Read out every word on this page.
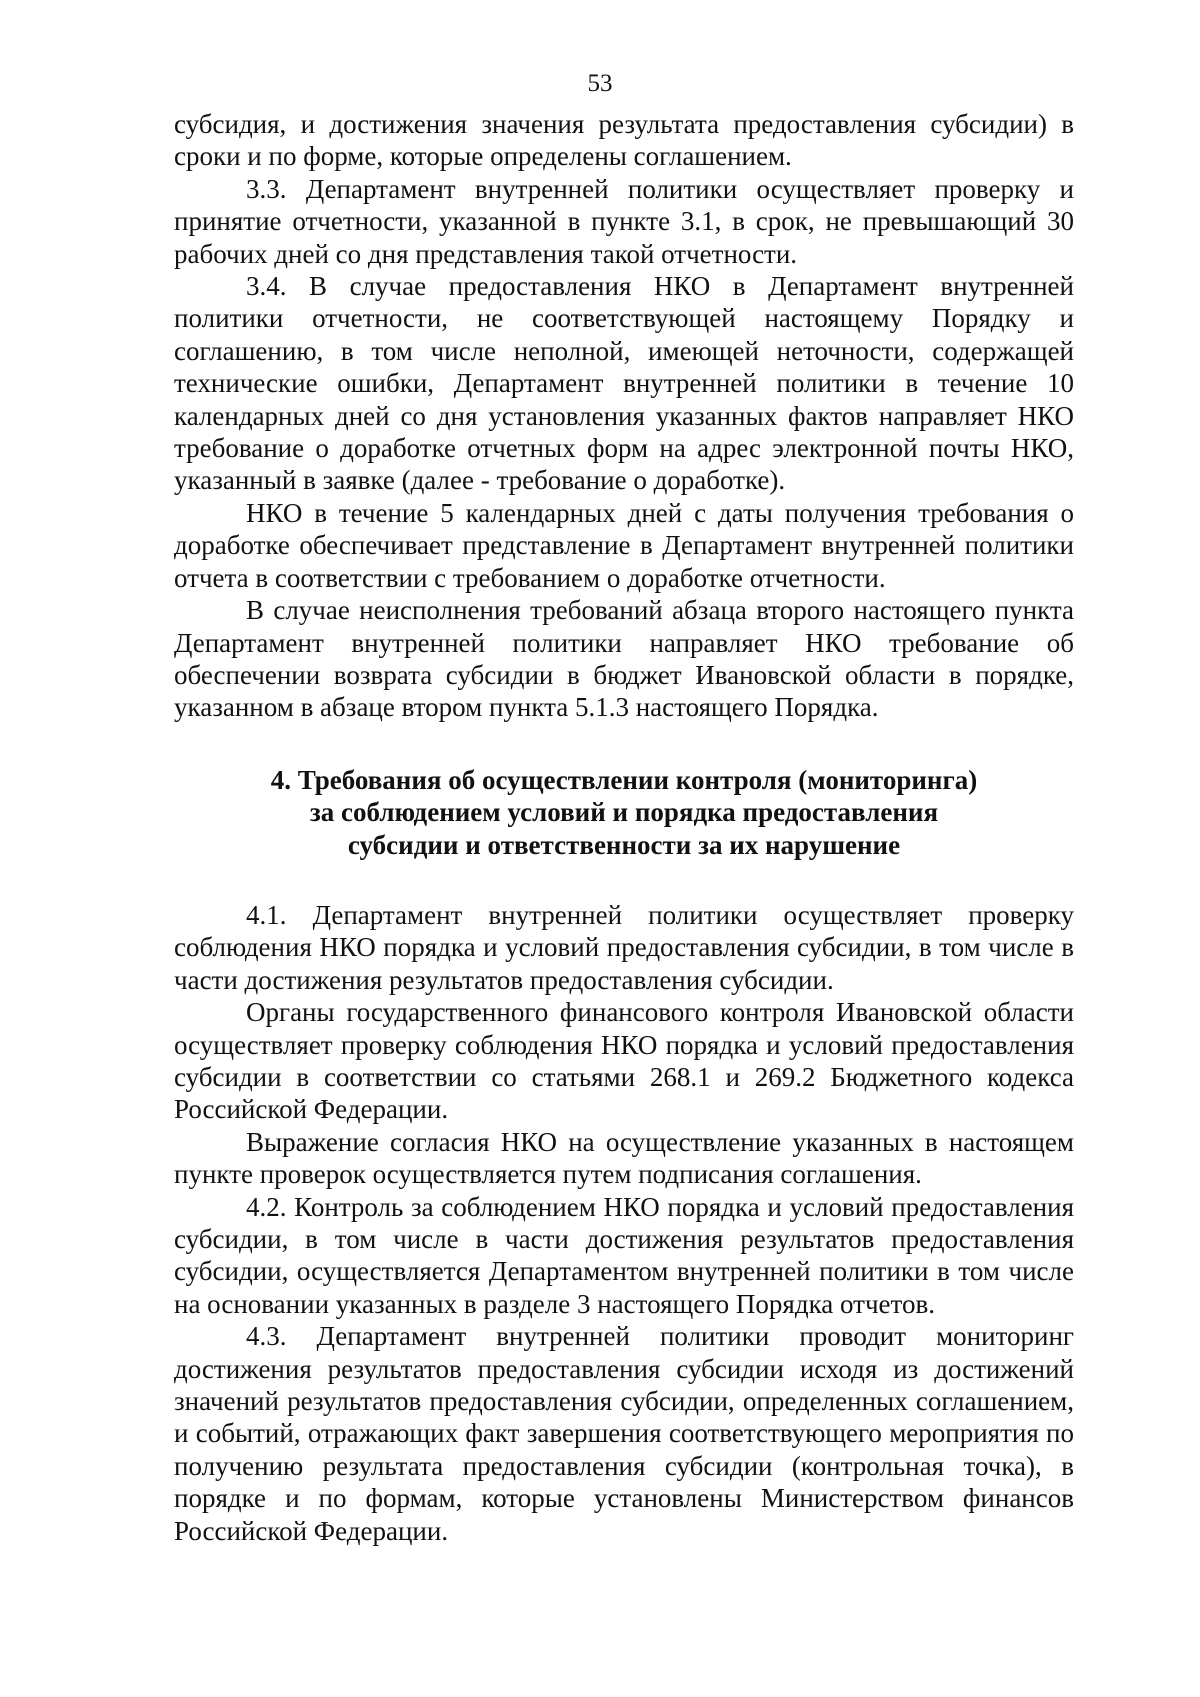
53

субсидия, и достижения значения результата предоставления субсидии) в сроки и по форме, которые определены соглашением.

3.3. Департамент внутренней политики осуществляет проверку и принятие отчетности, указанной в пункте 3.1, в срок, не превышающий 30 рабочих дней со дня представления такой отчетности.

3.4. В случае предоставления НКО в Департамент внутренней политики отчетности, не соответствующей настоящему Порядку и соглашению, в том числе неполной, имеющей неточности, содержащей технические ошибки, Департамент внутренней политики в течение 10 календарных дней со дня установления указанных фактов направляет НКО требование о доработке отчетных форм на адрес электронной почты НКО, указанный в заявке (далее - требование о доработке).

НКО в течение 5 календарных дней с даты получения требования о доработке обеспечивает представление в Департамент внутренней политики отчета в соответствии с требованием о доработке отчетности.

В случае неисполнения требований абзаца второго настоящего пункта Департамент внутренней политики направляет НКО требование об обеспечении возврата субсидии в бюджет Ивановской области в порядке, указанном в абзаце втором пункта 5.1.3 настоящего Порядка.

4. Требования об осуществлении контроля (мониторинга)
за соблюдением условий и порядка предоставления
субсидии и ответственности за их нарушение

4.1. Департамент внутренней политики осуществляет проверку соблюдения НКО порядка и условий предоставления субсидии, в том числе в части достижения результатов предоставления субсидии.

Органы государственного финансового контроля Ивановской области осуществляет проверку соблюдения НКО порядка и условий предоставления субсидии в соответствии со статьями 268.1 и 269.2 Бюджетного кодекса Российской Федерации.

Выражение согласия НКО на осуществление указанных в настоящем пункте проверок осуществляется путем подписания соглашения.

4.2. Контроль за соблюдением НКО порядка и условий предоставления субсидии, в том числе в части достижения результатов предоставления субсидии, осуществляется Департаментом внутренней политики в том числе на основании указанных в разделе 3 настоящего Порядка отчетов.

4.3. Департамент внутренней политики проводит мониторинг достижения результатов предоставления субсидии исходя из достижений значений результатов предоставления субсидии, определенных соглашением, и событий, отражающих факт завершения соответствующего мероприятия по получению результата предоставления субсидии (контрольная точка), в порядке и по формам, которые установлены Министерством финансов Российской Федерации.
